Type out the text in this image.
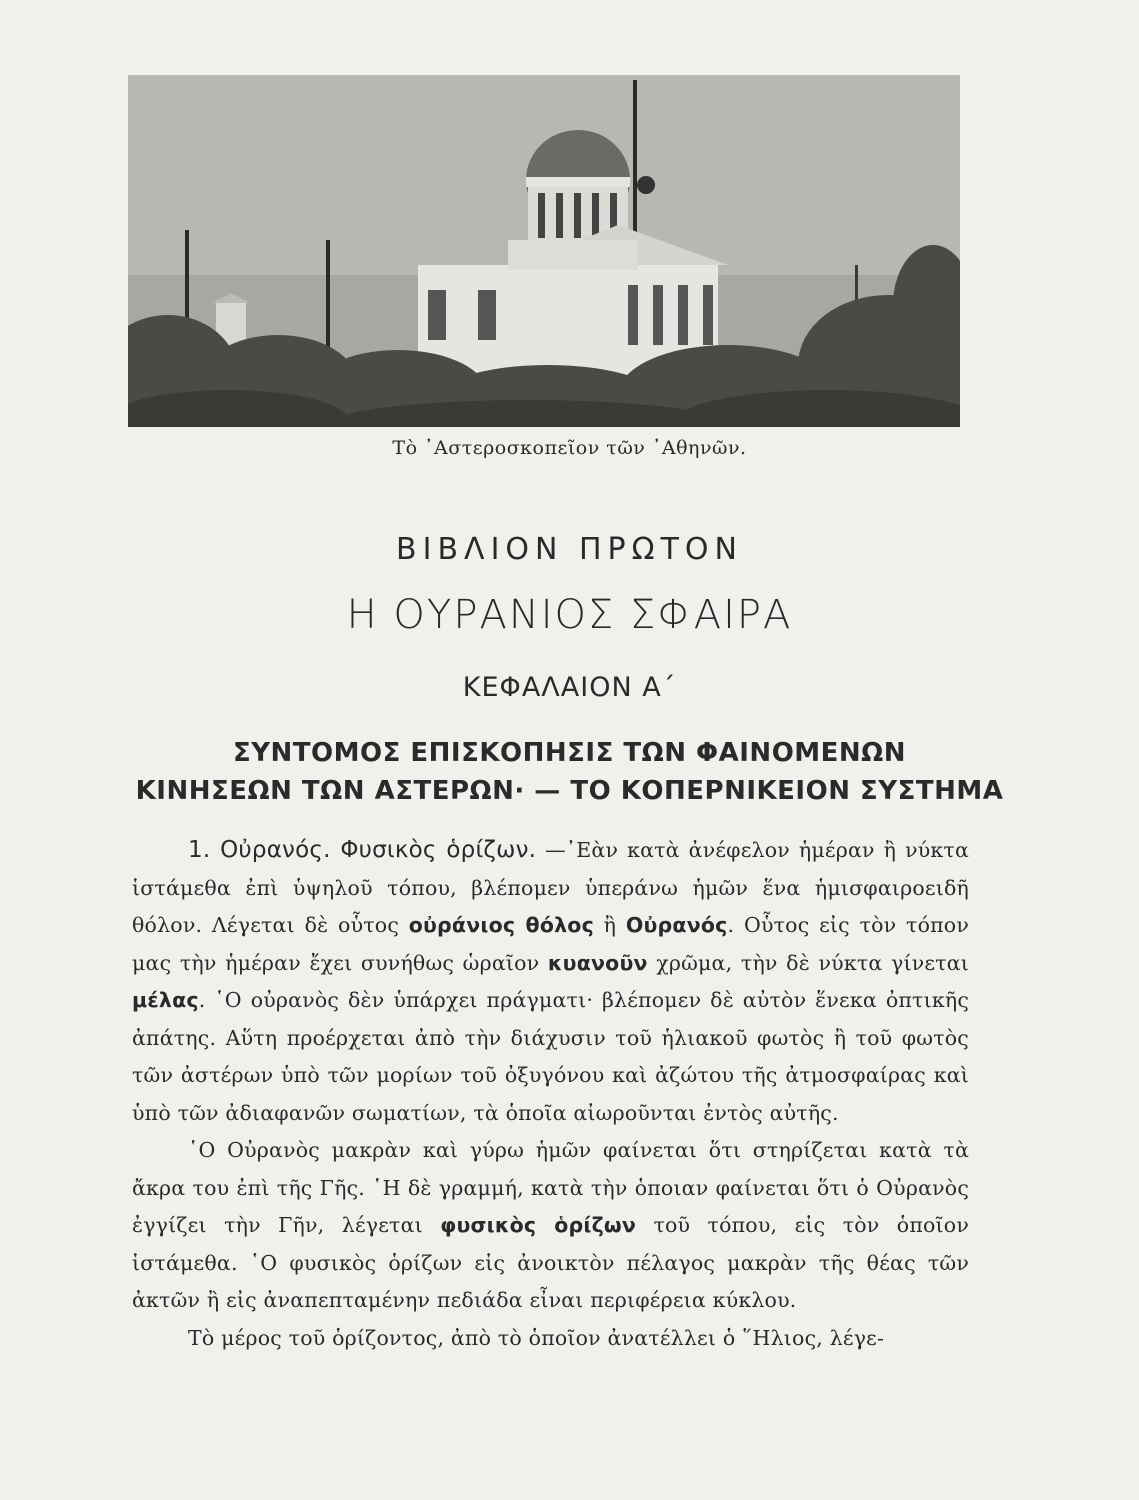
Τὸ ᾿Αστεροσκοπεῖον τῶν ᾿Αθηνῶν.
ΒΙΒΛΙΟΝ ΠΡΩΤΟΝ
Η ΟΥΡΑΝΙΟΣ ΣΦΑΙΡΑ
ΚΕΦΑΛΑΙΟΝ Α΄
ΣΥΝΤΟΜΟΣ ΕΠΙΣΚΟΠΗΣΙΣ ΤΩΝ ΦΑΙΝΟΜΕΝΩΝ
ΚΙΝΗΣΕΩΝ ΤΩΝ ΑΣΤΕΡΩΝ· — ΤΟ ΚΟΠΕΡΝΙΚΕΙΟΝ ΣΥΣΤΗΜΑ

1. Οὐρανός. Φυσικὸς ὁρίζων. —᾿Εὰν κατὰ ἀνέφελον ἡμέραν ἢ νύκτα ἱστάμεθα ἐπὶ ὑψηλοῦ τόπου, βλέπομεν ὑπεράνω ἡμῶν ἕνα ἡμισφαιροειδῆ θόλον. Λέγεται δὲ οὗτος οὐράνιος θόλος ἢ Οὐρανός. Οὗτος εἰς τὸν τόπον μας τὴν ἡμέραν ἔχει συνήθως ὡραῖον κυανοῦν χρῶμα, τὴν δὲ νύκτα γίνεται μέλας. ῾Ο οὐρανὸς δὲν ὑπάρχει πράγματι· βλέπομεν δὲ αὐτὸν ἕνεκα ὀπτικῆς ἀπάτης. Αὕτη προέρχεται ἀπὸ τὴν διάχυσιν τοῦ ἡλιακοῦ φωτὸς ἢ τοῦ φωτὸς τῶν ἀστέρων ὑπὸ τῶν μορίων τοῦ ὀξυγόνου καὶ ἀζώτου τῆς ἀτμοσφαίρας καὶ ὑπὸ τῶν ἀδιαφανῶν σωματίων, τὰ ὁποῖα αἰωροῦνται ἐντὸς αὐτῆς.

῾Ο Οὐρανὸς μακρὰν καὶ γύρω ἡμῶν φαίνεται ὅτι στηρίζεται κατὰ τὰ ἄκρα του ἐπὶ τῆς Γῆς. ῾Η δὲ γραμμή, κατὰ τὴν ὁποιαν φαίνεται ὅτι ὁ Οὐρανὸς ἐγγίζει τὴν Γῆν, λέγεται φυσικὸς ὁρίζων τοῦ τόπου, εἰς τὸν ὁποῖον ἱστάμεθα. ῾Ο φυσικὸς ὁρίζων εἰς ἀνοικτὸν πέλαγος μακρὰν τῆς θέας τῶν ἀκτῶν ἢ εἰς ἀναπεπταμένην πεδιάδα εἶναι περιφέρεια κύκλου.

Τὸ μέρος τοῦ ὁρίζοντος, ἀπὸ τὸ ὁποῖον ἀνατέλλει ὁ ῞Ηλιος, λέγε-
